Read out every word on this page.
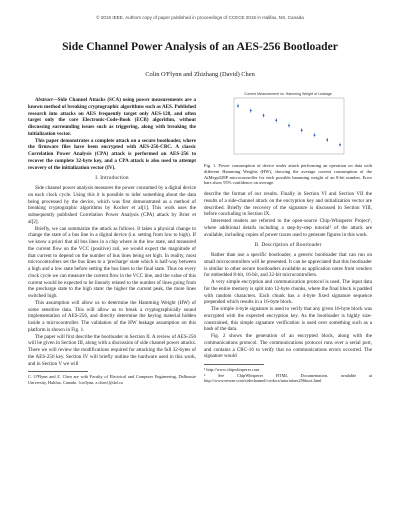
© 2015 IEEE. Authors copy of paper published in proceedings of CCECE 2015 in Halifax, NS, Canada
Side Channel Power Analysis of an AES-256 Bootloader
Colin O'Flynn and Zhizhang (David) Chen

Abstract—Side Channel Attacks (SCA) using power measurements are a known method of breaking cryptographic algorithms such as AES. Published research into attacks on AES frequently target only AES-128, and often target only the core Electronic-Code-Book (ECB) algorithm, without discussing surrounding issues such as triggering, along with breaking the initialization vector.

This paper demonstrates a complete attack on a secure bootloader, where the firmware files have been encrypted with AES-256-CBC. A classic Correlation Power Analysis (CPA) attack is performed on AES-256 to recover the complete 32-byte key, and a CPA attack is also used to attempt recovery of the initialization vector (IV).

I. Introduction

Side channel power analysis measures the power consumed by a digital device on each clock cycle. Using this it is possible to infer something about the data being processed by the device, which was first demonstrated as a method of breaking cryptographic algorithms by Kocher et al[1]. This work uses the subsequently published Correlation Power Analysis (CPA) attack by Brier et al[2].

Briefly, we can summarize the attack as follows. It takes a physical change to change the state of a bus line in a digital device (i.e. setting from low to high). If we know a priori that all bus lines in a chip where in the low state, and measured the current flow on the VCC (positive) rail, we would expect the magnitude of that current to depend on the number of bus lines being set high. In reality, most microcontrollers set the bus lines to a 'precharge' state which is half-way between a high and a low state before setting the bus lines to the final state. Thus on every clock cycle we can measure the current flow in the VCC line, and the value of this current would be expected to be linearly related to the number of lines going from the precharge state to the high state: the higher the current peak, the more lines switched high.

This assumption will allow us to determine the Hamming Weight (HW) of some sensitive data. This will allow us to break a cryptographically sound implementation of AES-256, and directly determine the keying material hidden inside a microcontroller. The validation of the HW leakage assumption on this platform is shown in Fig. 1.

The paper will first describe the bootloader in Section II. A review of AES-256 will be given in Section III, along with a discussion of side channel power attacks. There we will review the modifications required for attacking the full 32-bytes of the AES-256 key. Section IV will briefly outline the hardware used in this work, and in Section V we will

C. O'Flynn and Z. Chen are with Faculty of Electrical and Computer Engineering, Dalhousie University, Halifax, Canada. {coflynn, z.chen}@dal.ca
Current Measurement vs. Hamming Weight of Leakage
Fig. 1. Power consumption of device under attack performing an operation on data with different Hamming Weights (HW), showing the average current consumption of the AtMega328P microcontroller for each possible hamming weight of an 8-bit number. Error bars show 95% confidence on average.

describe the format of our results. Finally in Section VI and Section VII the results of a side-channel attack on the encryption key and initialization vector are described. Briefly the recovery of the signature is discussed in Section VIII, before concluding in Section IX.

Interested readers are referred to the open-source Chip-Whisperer Project¹, where additional details including a step-by-step tutorial² of the attack are available, including copies of power traces used to generate figures in this work.

II. Description of Bootloader

Rather than use a specific bootloader, a generic bootloader that can run on small microcontrollers will be presented. It can be appreciated that this bootloader is similar to other secure bootloaders available as application notes from vendors for embedded 8-bit, 16-bit, and 32-bit microcontrollers.

A very simple encryption and communication protocol is used. The input data for the entire memory is split into 12-byte chunks, where the final block is padded with random characters. Each chunk has a 4-byte fixed signature sequence prepended which results in a 16-byte block.

The simple 4-byte signature is used to verify that any given 16-byte block was encrypted with the expected encryption key. As the bootloader is highly size-constrained, this simple signature verification is used over something such as a hash of the data.

Fig. 2 shows the generation of an encrypted block, along with the communications protocol. The communications protocol runs over a serial port, and contains a CRC-16 to verify that no communications errors occurred. The signature would

¹ http://www.chipwhisperer.com
² See ChipWhisperer HTML Documentation, available at http://www.newae.com/sidechannel/cwdocs/tutorialaes256boot.html
